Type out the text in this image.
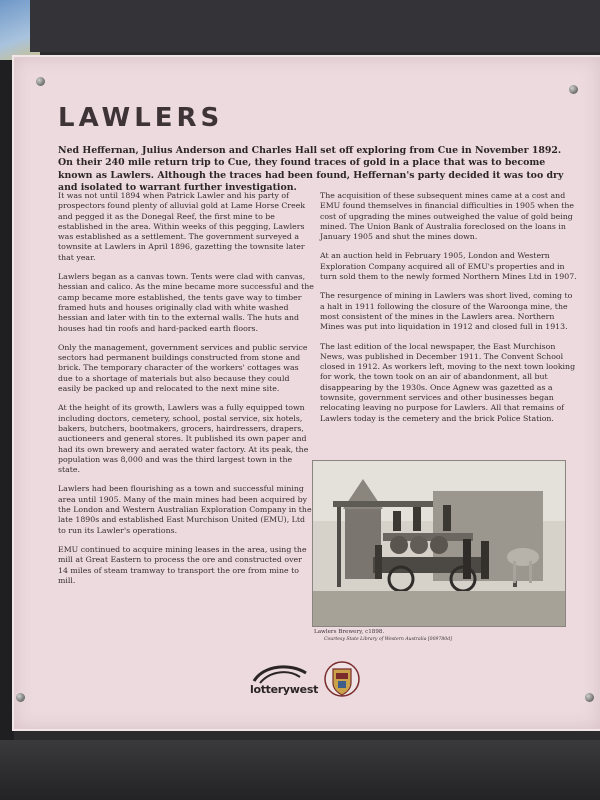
LAWLERS

Ned Heffernan, Julius Anderson and Charles Hall set off exploring from Cue in November 1892. On their 240 mile return trip to Cue, they found traces of gold in a place that was to become known as Lawlers. Although the traces had been found, Heffernan's party decided it was too dry and isolated to warrant further investigation.

It was not until 1894 when Patrick Lawler and his party of prospectors found plenty of alluvial gold at Lame Horse Creek and pegged it as the Donegal Reef, the first mine to be established in the area. Within weeks of this pegging, Lawlers was established as a settlement. The government surveyed a townsite at Lawlers in April 1896, gazetting the townsite later that year.

Lawlers began as a canvas town. Tents were clad with canvas, hessian and calico. As the mine became more successful and the camp became more established, the tents gave way to timber framed huts and houses originally clad with white washed hessian and later with tin to the external walls. The huts and houses had tin roofs and hard-packed earth floors.

Only the management, government services and public service sectors had permanent buildings constructed from stone and brick. The temporary character of the workers' cottages was due to a shortage of materials but also because they could easily be packed up and relocated to the next mine site.

At the height of its growth, Lawlers was a fully equipped town including doctors, cemetery, school, postal service, six hotels, bakers, butchers, bootmakers, grocers, hairdressers, drapers, auctioneers and general stores. It published its own paper and had its own brewery and aerated water factory. At its peak, the population was 8,000 and was the third largest town in the state.

Lawlers had been flourishing as a town and successful mining area until 1905. Many of the main mines had been acquired by the London and Western Australian Exploration Company in the late 1890s and established East Murchison United (EMU), Ltd to run its Lawler's operations.

EMU continued to acquire mining leases in the area, using the mill at Great Eastern to process the ore and constructed over 14 miles of steam tramway to transport the ore from mine to mill.

The acquisition of these subsequent mines came at a cost and EMU found themselves in financial difficulties in 1905 when the cost of upgrading the mines outweighed the value of gold being mined. The Union Bank of Australia foreclosed on the loans in January 1905 and shut the mines down.

At an auction held in February 1905, London and Western Exploration Company acquired all of EMU's properties and in turn sold them to the newly formed Northern Mines Ltd in 1907.

The resurgence of mining in Lawlers was short lived, coming to a halt in 1911 following the closure of the Waroonga mine, the most consistent of the mines in the Lawlers area. Northern Mines was put into liquidation in 1912 and closed full in 1913.

The last edition of the local newspaper, the East Murchison News, was published in December 1911. The Convent School closed in 1912. As workers left, moving to the next town looking for work, the town took on an air of abandonment, all but disappearing by the 1930s. Once Agnew was gazetted as a townsite, government services and other businesses began relocating leaving no purpose for Lawlers. All that remains of Lawlers today is the cemetery and the brick Police Station.

Lawlers Brewery, c1898.
Courtesy State Library of Western Australia [009780d]
lotterywest
